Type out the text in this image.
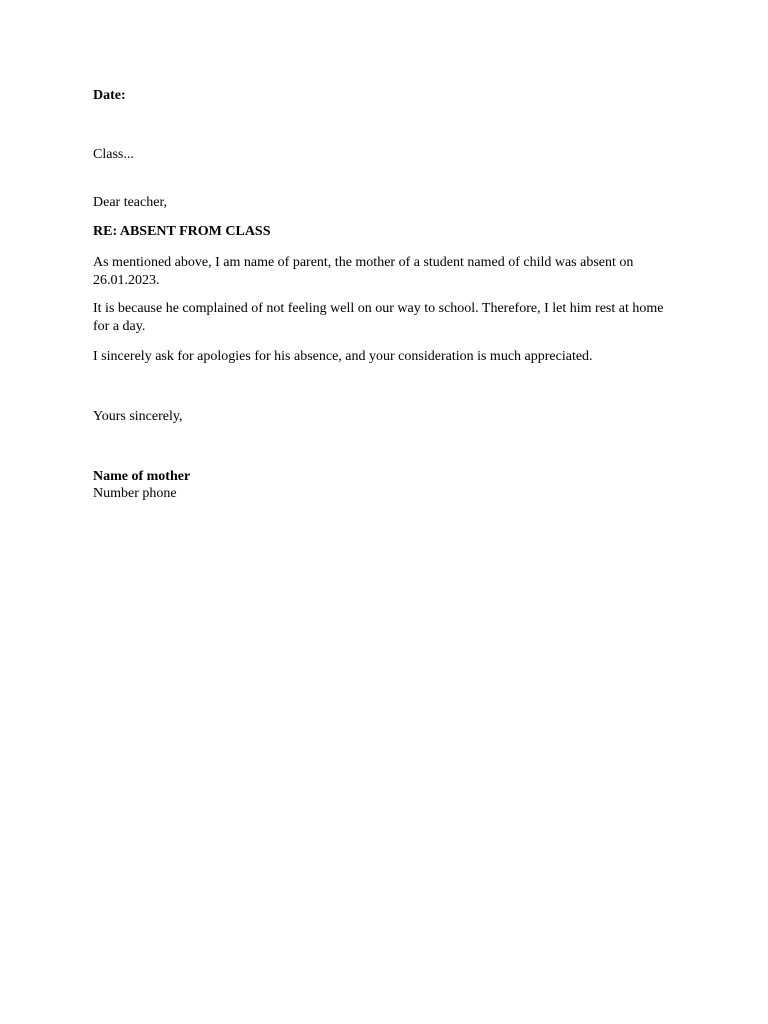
Date:

Class...

Dear teacher,

RE: ABSENT FROM CLASS

As mentioned above, I am name of parent, the mother of a student named of child was absent on 26.01.2023.

It is because he complained of not feeling well on our way to school. Therefore, I let him rest at home for a day.

I sincerely ask for apologies for his absence, and your consideration is much appreciated.

Yours sincerely,

Name of mother

Number phone
